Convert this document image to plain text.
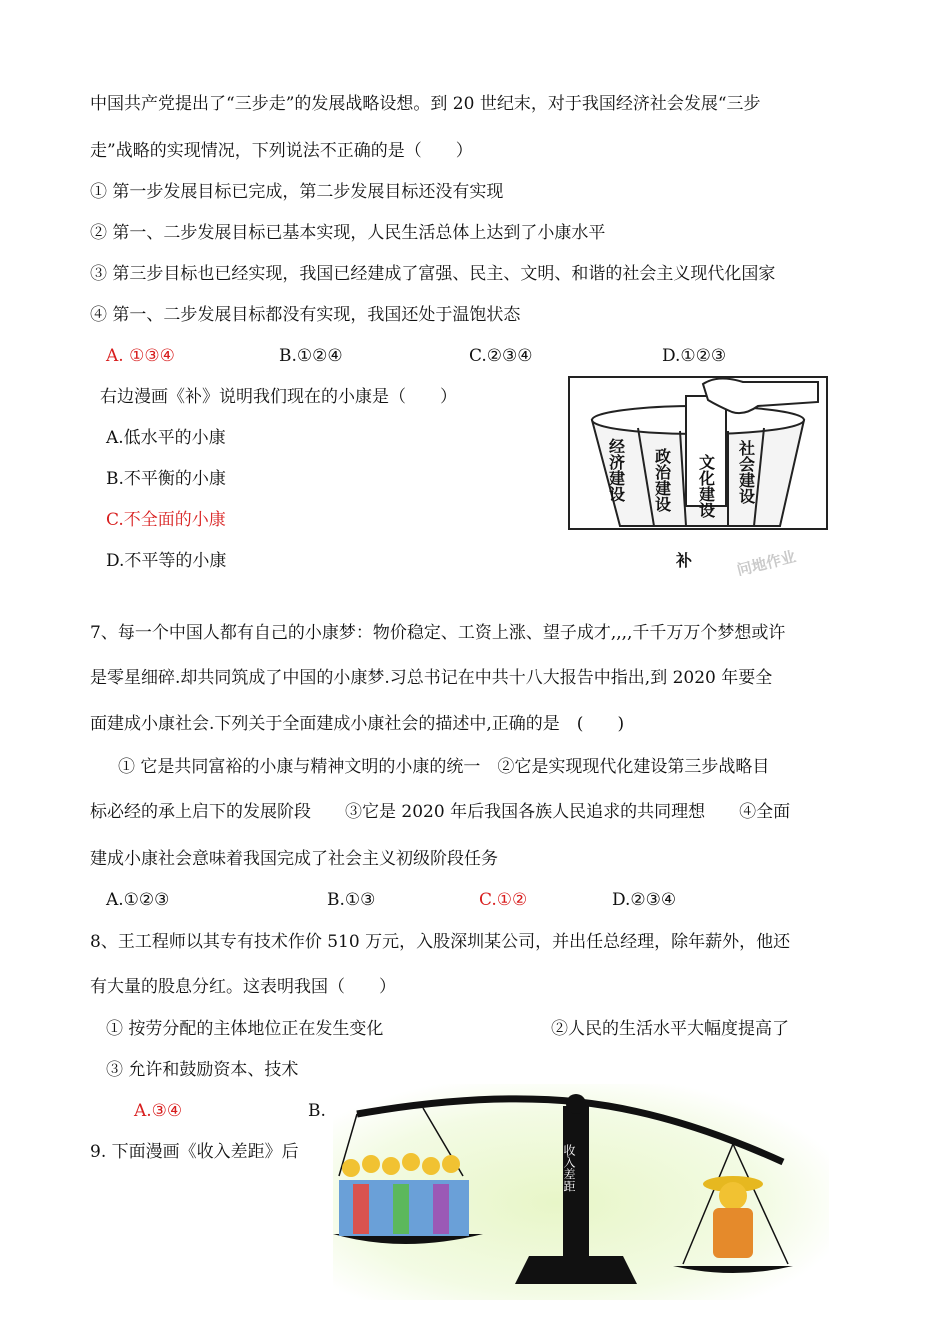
中国共产党提出了“三步走”的发展战略设想。到 20 世纪末，对于我国经济社会发展“三步
走”战略的实现情况，下列说法不正确的是（　　）
① 第一步发展目标已完成，第二步发展目标还没有实现
② 第一、二步发展目标已基本实现，人民生活总体上达到了小康水平
③ 第三步目标也已经实现，我国已经建成了富强、民主、文明、和谐的社会主义现代化国家
④ 第一、二步发展目标都没有实现，我国还处于温饱状态
A. ①③④	B.①②④	C.②③④	D.①②③
右边漫画《补》说明我们现在的小康是（　　）
A.低水平的小康
B.不平衡的小康
C.不全面的小康
D.不平等的小康
经济建设 政治建设 文化建设 社会建设
补	问地作业
7、每一个中国人都有自己的小康梦：物价稳定、工资上涨、望子成才,,,,千千万万个梦想或许
是零星细碎.却共同筑成了中国的小康梦.习总书记在中共十八大报告中指出,到 2020 年要全
面建成小康社会.下列关于全面建成小康社会的描述中,正确的是　(　　)
① 它是共同富裕的小康与精神文明的小康的统一　②它是实现现代化建设第三步战略目
标必经的承上启下的发展阶段　　③它是 2020 年后我国各族人民追求的共同理想　　④全面
建成小康社会意味着我国完成了社会主义初级阶段任务
A.①②③	B.①③	C.①②	D.②③④
8、王工程师以其专有技术作价 510 万元，入股深圳某公司，并出任总经理，除年薪外，他还
有大量的股息分红。这表明我国（　　）
① 按劳分配的主体地位正在发生变化	②人民的生活水平大幅度提高了
③ 允许和鼓励资本、技术
A.③④	B.
9. 下面漫画《收入差距》后	收入差距
